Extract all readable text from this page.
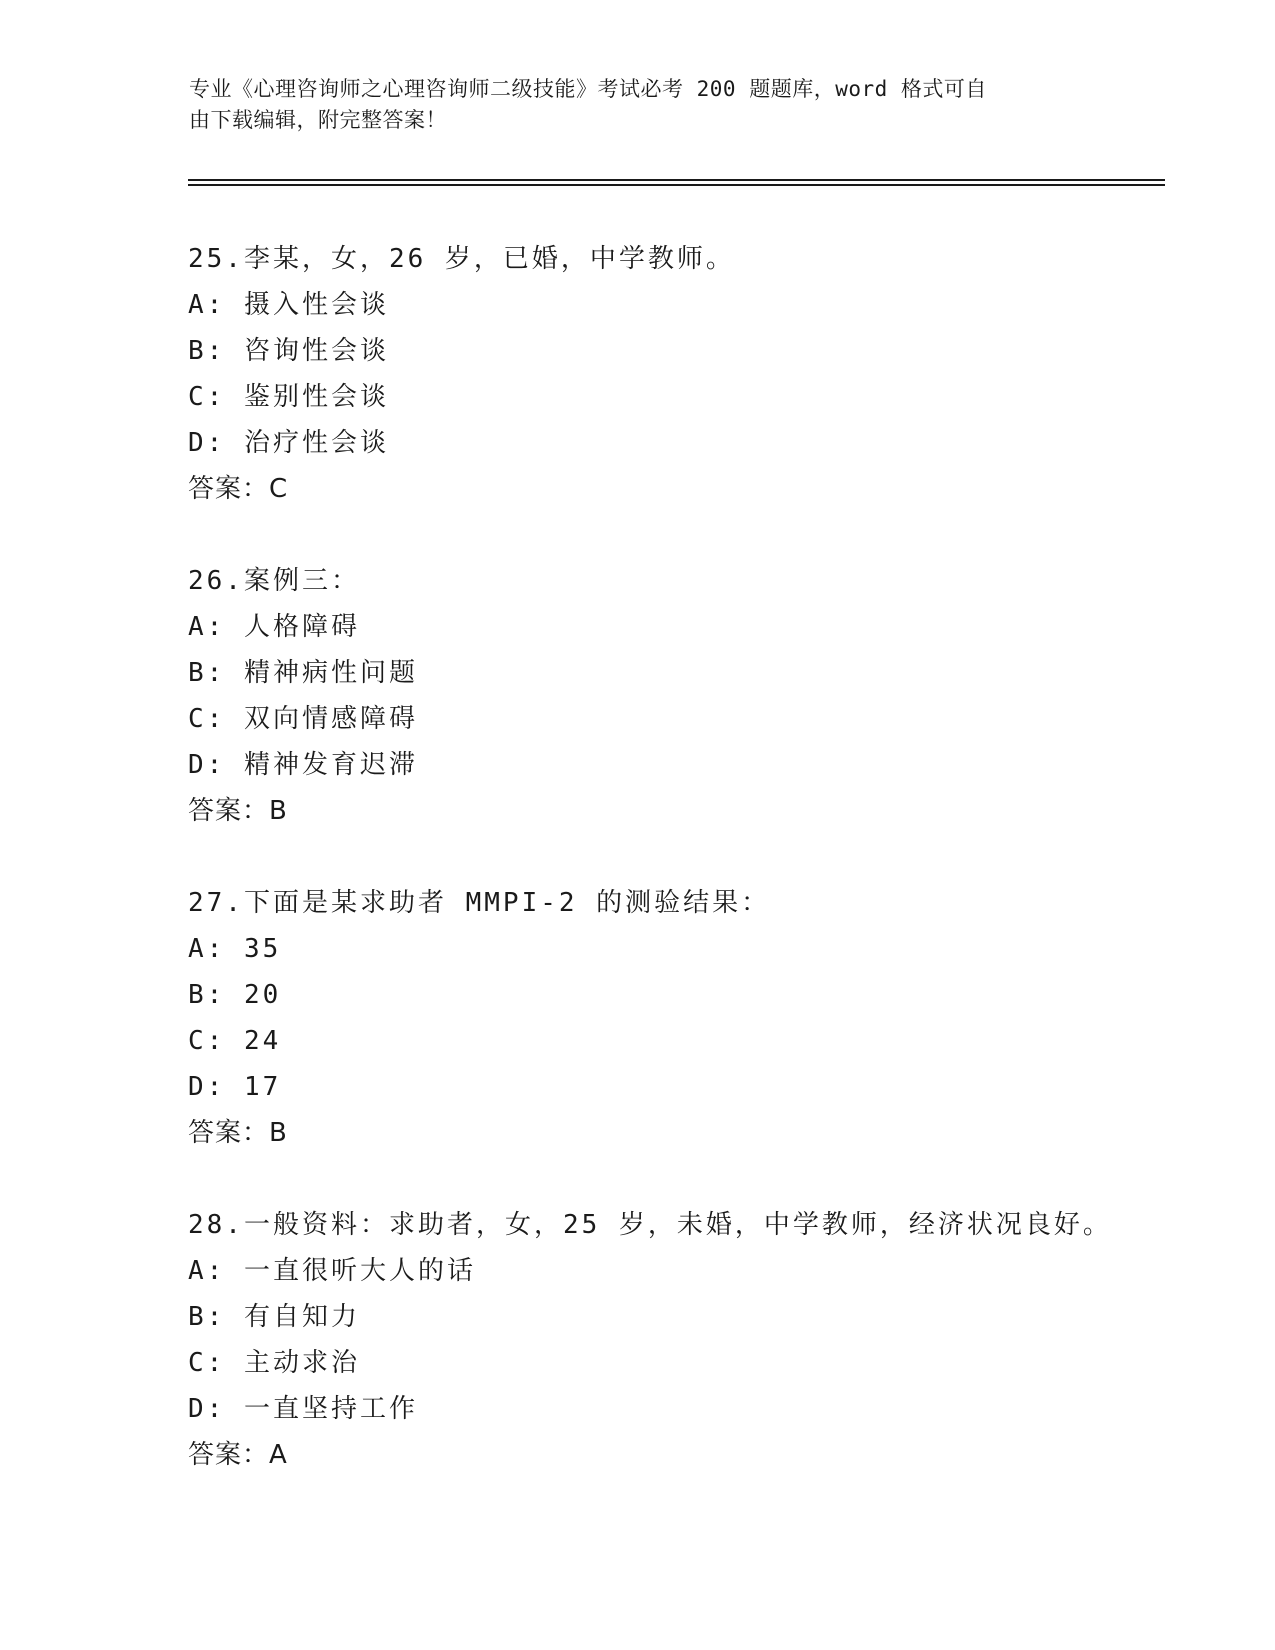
专业《心理咨询师之心理咨询师二级技能》考试必考 200 题题库，word 格式可自
由下载编辑，附完整答案！
25.李某，女，26 岁，已婚，中学教师。
A: 摄入性会谈
B: 咨询性会谈
C: 鉴别性会谈
D: 治疗性会谈
答案：C
26.案例三：
A: 人格障碍
B: 精神病性问题
C: 双向情感障碍
D: 精神发育迟滞
答案：B
27.下面是某求助者 MMPI-2 的测验结果：
A: 35
B: 20
C: 24
D: 17
答案：B
28.一般资料：求助者，女，25 岁，未婚，中学教师，经济状况良好。
A: 一直很听大人的话
B: 有自知力
C: 主动求治
D: 一直坚持工作
答案：A
